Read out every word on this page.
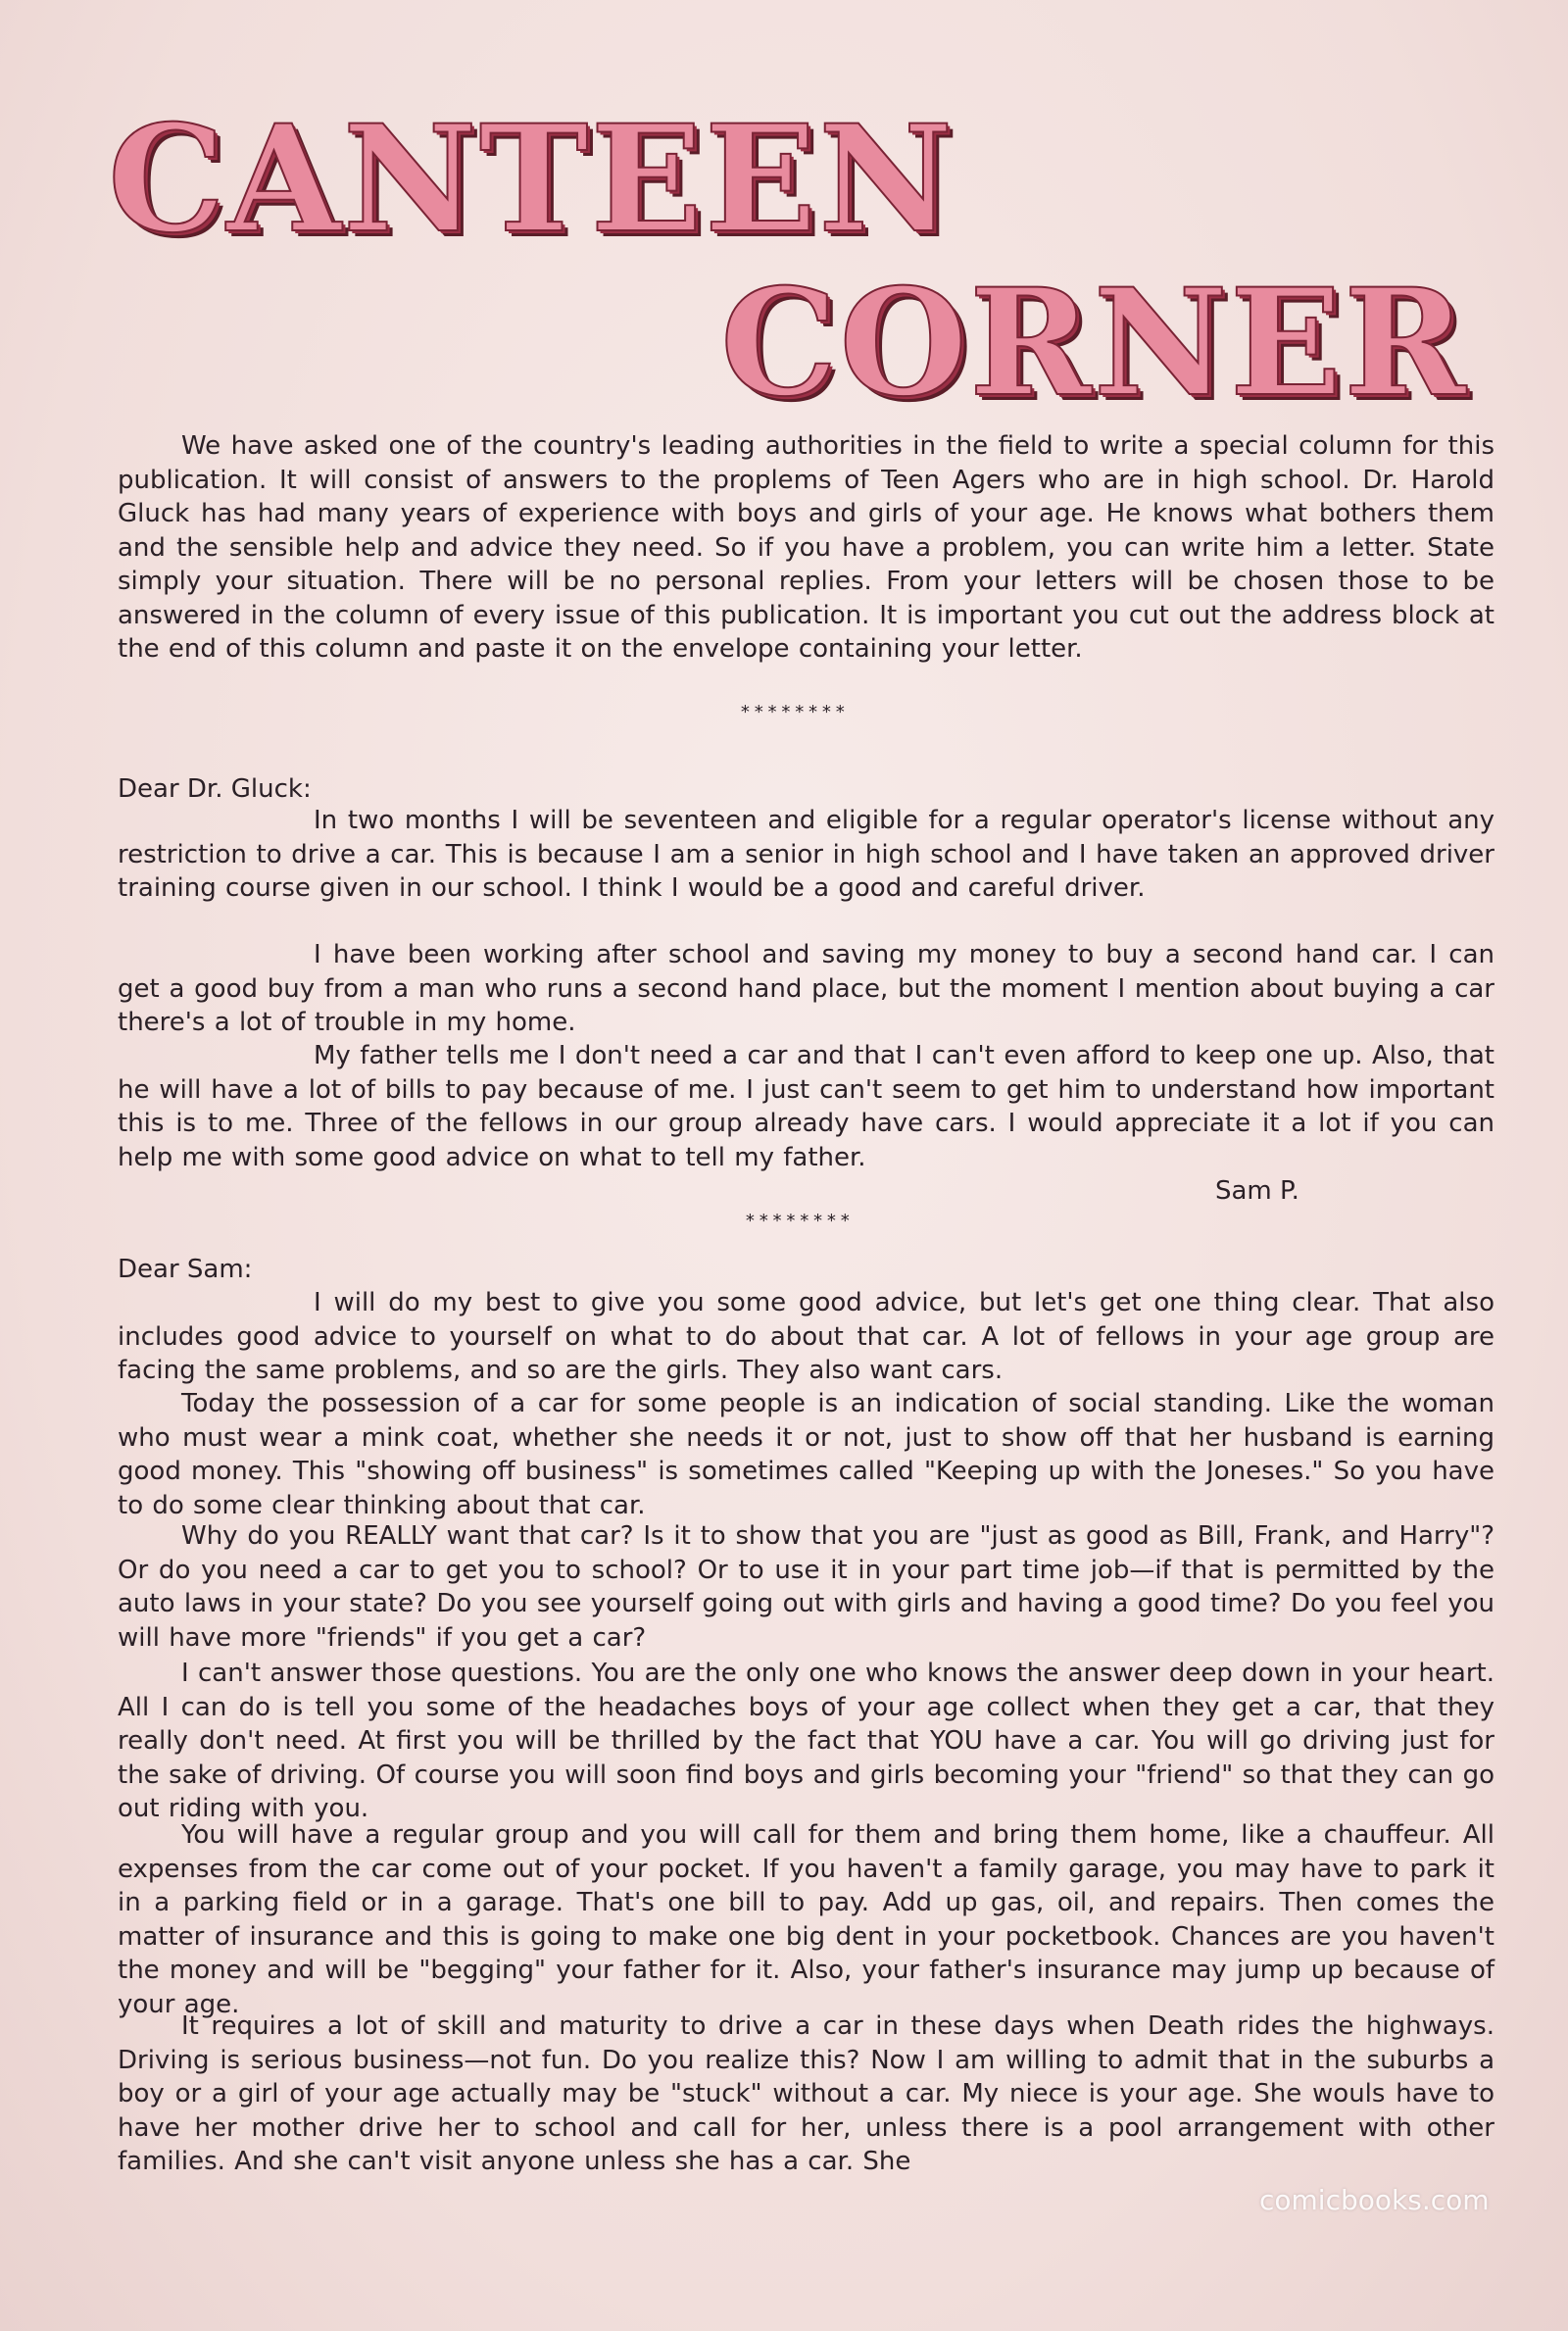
CANTEEN
CORNER

We have asked one of the country's leading authorities in the field to write a special column for this publication. It will consist of answers to the proplems of Teen Agers who are in high school. Dr. Harold Gluck has had many years of experience with boys and girls of your age. He knows what bothers them and the sensible help and advice they need. So if you have a problem, you can write him a letter. State simply your situation. There will be no personal replies. From your letters will be chosen those to be answered in the column of every issue of this publication. It is important you cut out the address block at the end of this column and paste it on the envelope containing your letter.

********

Dear Dr. Gluck:

In two months I will be seventeen and eligible for a regular operator's license without any restriction to drive a car. This is because I am a senior in high school and I have taken an approved driver training course given in our school. I think I would be a good and careful driver.

I have been working after school and saving my money to buy a second hand car. I can get a good buy from a man who runs a second hand place, but the moment I mention about buying a car there's a lot of trouble in my home.

My father tells me I don't need a car and that I can't even afford to keep one up. Also, that he will have a lot of bills to pay because of me. I just can't seem to get him to understand how important this is to me. Three of the fellows in our group already have cars. I would appreciate it a lot if you can help me with some good advice on what to tell my father.

Sam P.

********

Dear Sam:

I will do my best to give you some good advice, but let's get one thing clear. That also includes good advice to yourself on what to do about that car. A lot of fellows in your age group are facing the same problems, and so are the girls. They also want cars.

Today the possession of a car for some people is an indication of social standing. Like the woman who must wear a mink coat, whether she needs it or not, just to show off that her husband is earning good money. This "showing off business" is sometimes called "Keeping up with the Joneses." So you have to do some clear thinking about that car.

Why do you REALLY want that car? Is it to show that you are "just as good as Bill, Frank, and Harry"? Or do you need a car to get you to school? Or to use it in your part time job—if that is permitted by the auto laws in your state? Do you see yourself going out with girls and having a good time? Do you feel you will have more "friends" if you get a car?

I can't answer those questions. You are the only one who knows the answer deep down in your heart. All I can do is tell you some of the headaches boys of your age collect when they get a car, that they really don't need. At first you will be thrilled by the fact that YOU have a car. You will go driving just for the sake of driving. Of course you will soon find boys and girls becoming your "friend" so that they can go out riding with you.

You will have a regular group and you will call for them and bring them home, like a chauffeur. All expenses from the car come out of your pocket. If you haven't a family garage, you may have to park it in a parking field or in a garage. That's one bill to pay. Add up gas, oil, and repairs. Then comes the matter of insurance and this is going to make one big dent in your pocketbook. Chances are you haven't the money and will be "begging" your father for it. Also, your father's insurance may jump up because of your age.

It requires a lot of skill and maturity to drive a car in these days when Death rides the highways. Driving is serious business—not fun. Do you realize this? Now I am willing to admit that in the suburbs a boy or a girl of your age actually may be "stuck" without a car. My niece is your age. She wouls have to have her mother drive her to school and call for her, unless there is a pool arrangement with other families. And she can't visit anyone unless she has a car. She

comicbooks.com
